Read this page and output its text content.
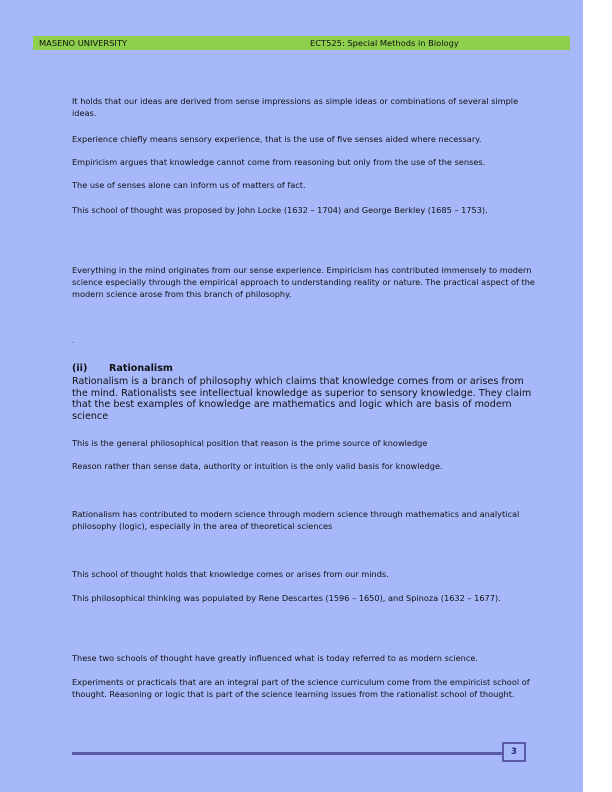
MASENO UNIVERSITY	ECT525: Special Methods in Biology

It holds that our ideas are derived from sense impressions as simple ideas or combinations of several simple ideas.

Experience chiefly means sensory experience, that is the use of five senses aided where necessary.

Empiricism argues that knowledge cannot come from reasoning but only from the use of the senses.

The use of senses alone can inform us of matters of fact.

This school of thought was proposed by John Locke (1632 – 1704) and George Berkley (1685 – 1753).

Everything in the mind originates from our sense experience. Empiricism has contributed immensely to modern science especially through the empirical approach to understanding reality or nature. The practical aspect of the modern science arose from this branch of philosophy.

.

(ii) Rationalism

Rationalism is a branch of philosophy which claims that knowledge comes from or arises from the mind. Rationalists see intellectual knowledge as superior to sensory knowledge. They claim that the best examples of knowledge are mathematics and logic which are basis of modern science

This is the general philosophical position that reason is the prime source of knowledge

Reason rather than sense data, authority or intuition is the only valid basis for knowledge.

Rationalism has contributed to modern science through modern science through mathematics and analytical philosophy (logic), especially in the area of theoretical sciences

This school of thought holds that knowledge comes or arises from our minds.

This philosophical thinking was populated by Rene Descartes (1596 – 1650), and Spinoza (1632 – 1677).

These two schools of thought have greatly influenced what is today referred to as modern science.

Experiments or practicals that are an integral part of the science curriculum come from the empiricist school of thought. Reasoning or logic that is part of the science learning issues from the rationalist school of thought.

3
